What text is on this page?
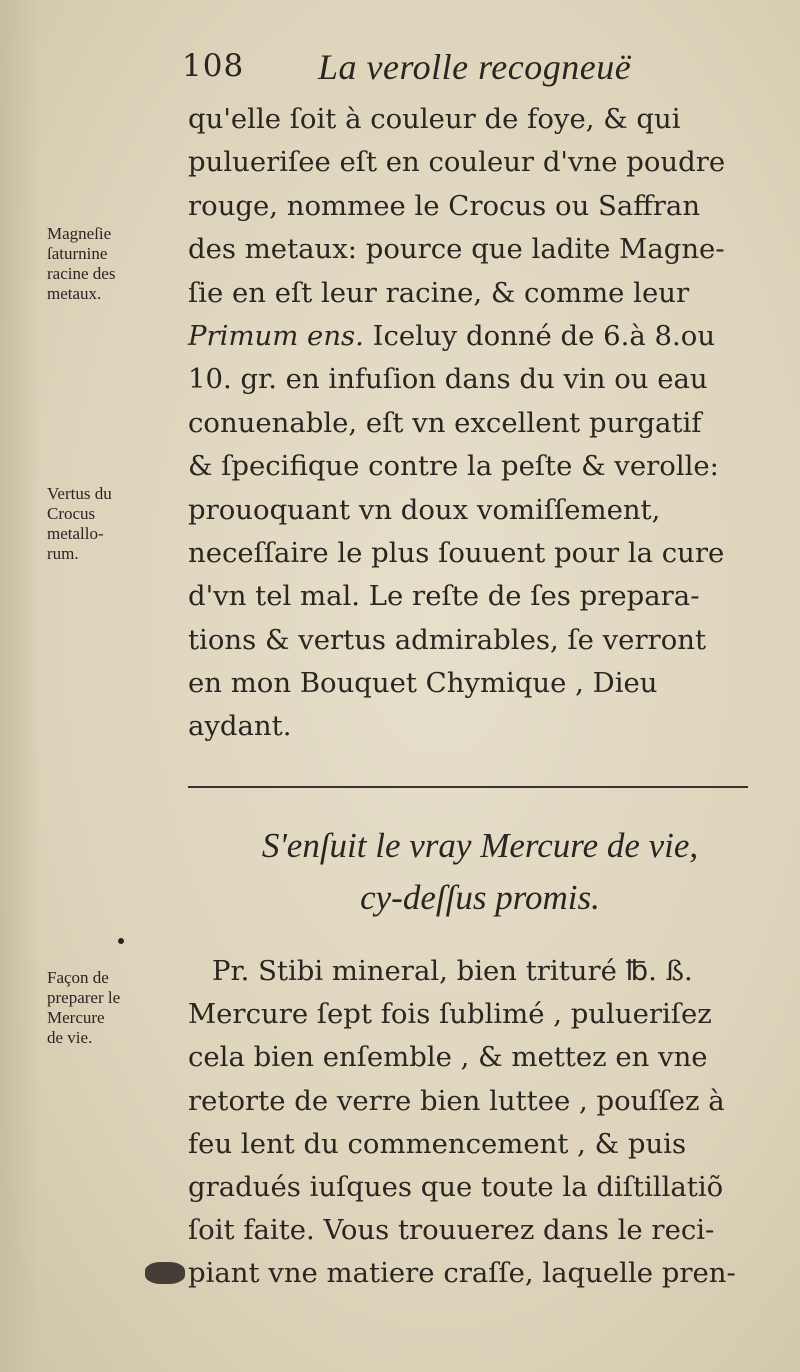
108 La verolle recogneuë
Magneſie
ſaturnine
racine des
metaux.
Vertus du
Crocus
metallo-
rum.
Façon de
preparer le
Mercure
de vie.
qu'elle ſoit à couleur de foye, & qui
pulueriſee eſt en couleur d'vne poudre
rouge, nommee le Crocus ou Saffran
des metaux: pource que ladite Magne-
ſie en eſt leur racine, & comme leur
Primum ens. Iceluy donné de 6.à 8.ou
10. gr. en infuſion dans du vin ou eau
conuenable, eſt vn excellent purgatif
& ſpecifique contre la peſte & verolle:
prouoquant vn doux vomiſſement,
neceſſaire le plus ſouuent pour la cure
d'vn tel mal. Le reſte de ſes prepara-
tions & vertus admirables, ſe verront
en mon Bouquet Chymique , Dieu
aydant.
S'enſuit le vray Mercure de vie,
cy-deſſus promis.
Pr. Stibi mineral, bien trituré ℔. ß.
Mercure ſept fois ſublimé , pulueriſez
cela bien enſemble , & mettez en vne
retorte de verre bien luttee , pouſſez à
feu lent du commencement , & puis
gradués iuſques que toute la diſtillatiõ
ſoit faite. Vous trouuerez dans le reci-
piant vne matiere craſſe, laquelle pren-
